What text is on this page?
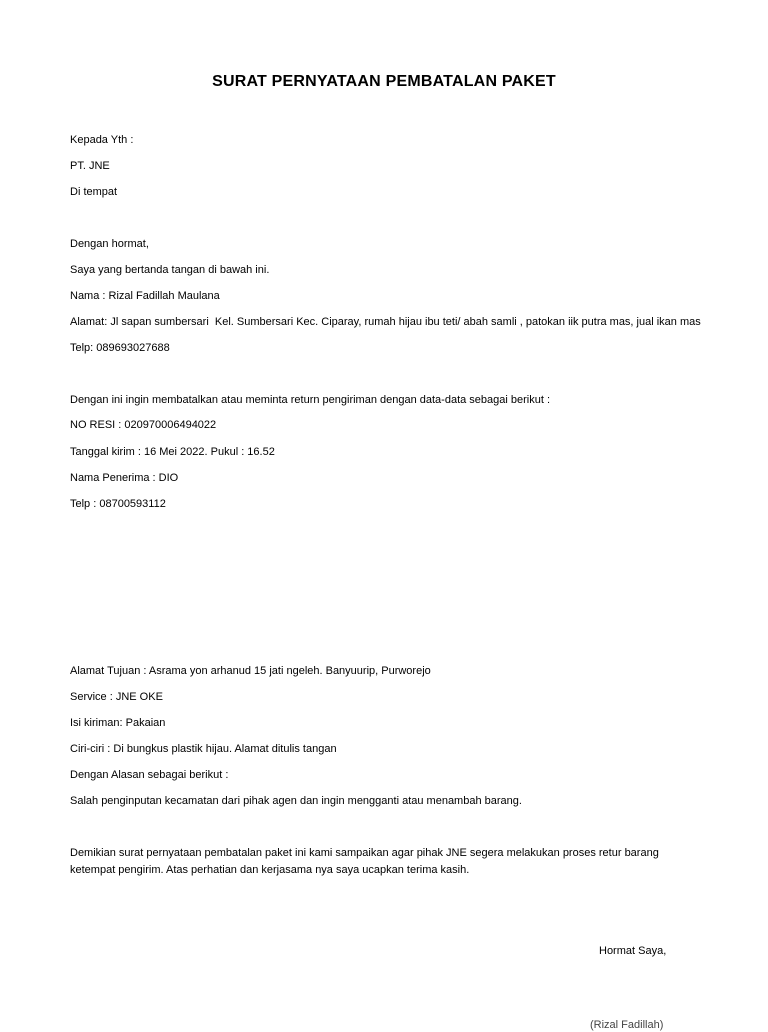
SURAT PERNYATAAN PEMBATALAN PAKET
Kepada Yth :
PT. JNE
Di tempat
Dengan hormat,
Saya yang bertanda tangan di bawah ini.
Nama : Rizal Fadillah Maulana
Alamat: Jl sapan sumbersari  Kel. Sumbersari Kec. Ciparay, rumah hijau ibu teti/ abah samli , patokan iik putra mas, jual ikan mas
Telp: 089693027688
Dengan ini ingin membatalkan atau meminta return pengiriman dengan data-data sebagai berikut :
NO RESI : 020970006494022
Tanggal kirim : 16 Mei 2022. Pukul : 16.52
Nama Penerima : DIO
Telp : 08700593112
Alamat Tujuan : Asrama yon arhanud 15 jati ngeleh. Banyuurip, Purworejo
Service : JNE OKE
Isi kiriman: Pakaian
Ciri-ciri : Di bungkus plastik hijau. Alamat ditulis tangan
Dengan Alasan sebagai berikut :
Salah penginputan kecamatan dari pihak agen dan ingin mengganti atau menambah barang.
Demikian surat pernyataan pembatalan paket ini kami sampaikan agar pihak JNE segera melakukan proses retur barang ketempat pengirim. Atas perhatian dan kerjasama nya saya ucapkan terima kasih.
Hormat Saya,
(Rizal Fadillah)
